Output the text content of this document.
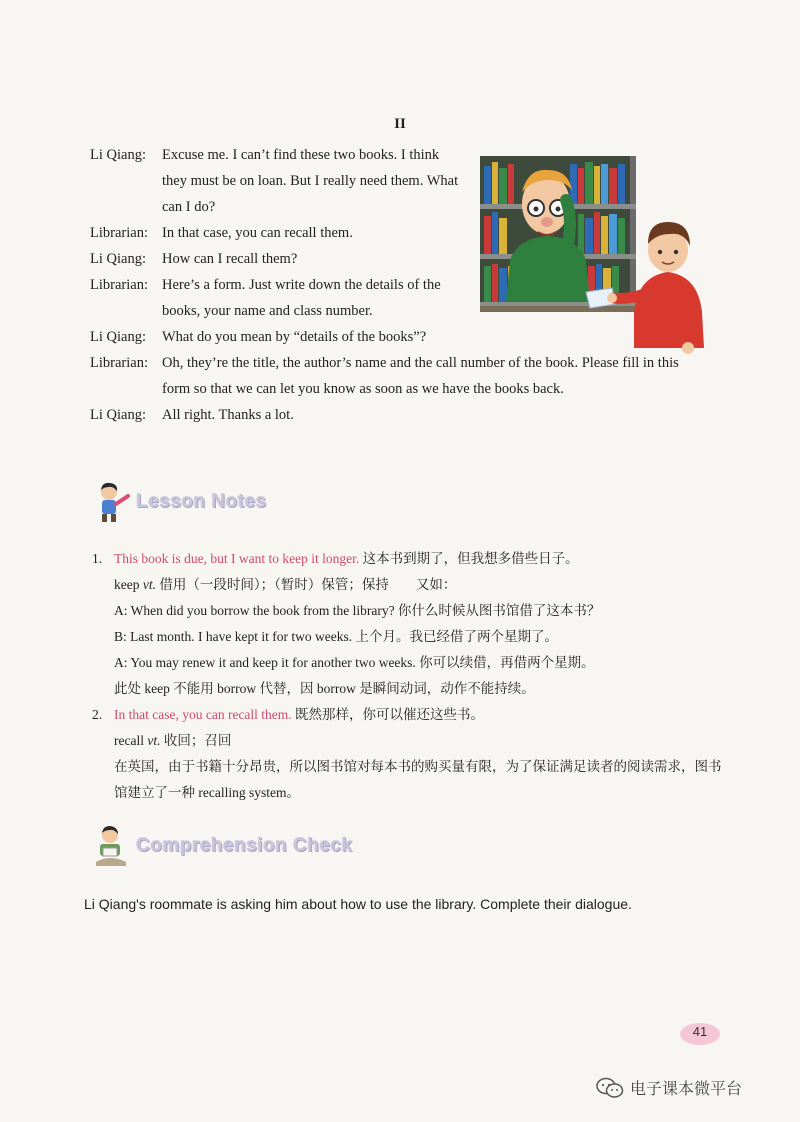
II
Li Qiang:	Excuse me. I can’t find these two books. I think they must be on loan. But I really need them. What can I do?
Librarian: In that case, you can recall them.
Li Qiang:	How can I recall them?
Librarian: Here’s a form. Just write down the details of the books, your name and class number.
Li Qiang:	What do you mean by “details of the books”?
Librarian: Oh, they’re the title, the author’s name and the call number of the book. Please fill in this form so that we can let you know as soon as we have the books back.
Li Qiang:	All right. Thanks a lot.
Lesson Notes
1. This book is due, but I want to keep it longer. 这本书到期了，但我想多借些日子。
keep vt. 借用（一段时间）；（暂时）保管；保持　　又如：
A: When did you borrow the book from the library? 你什么时候从图书馆借了这本书？
B: Last month. I have kept it for two weeks. 上个月。我已经借了两个星期了。
A: You may renew it and keep it for another two weeks. 你可以续借，再借两个星期。
此处 keep 不能用 borrow 代替，因 borrow 是瞬间动词，动作不能持续。
2. In that case, you can recall them. 既然那样，你可以催还这些书。
recall vt. 收回；召回
在英国，由于书籍十分昂贵，所以图书馆对每本书的购买量有限，为了保证满足读者的阅读需求，图书馆建立了一种 recalling system。
Comprehension Check
Li Qiang's roommate is asking him about how to use the library. Complete their dialogue.
41
电子课本微平台
